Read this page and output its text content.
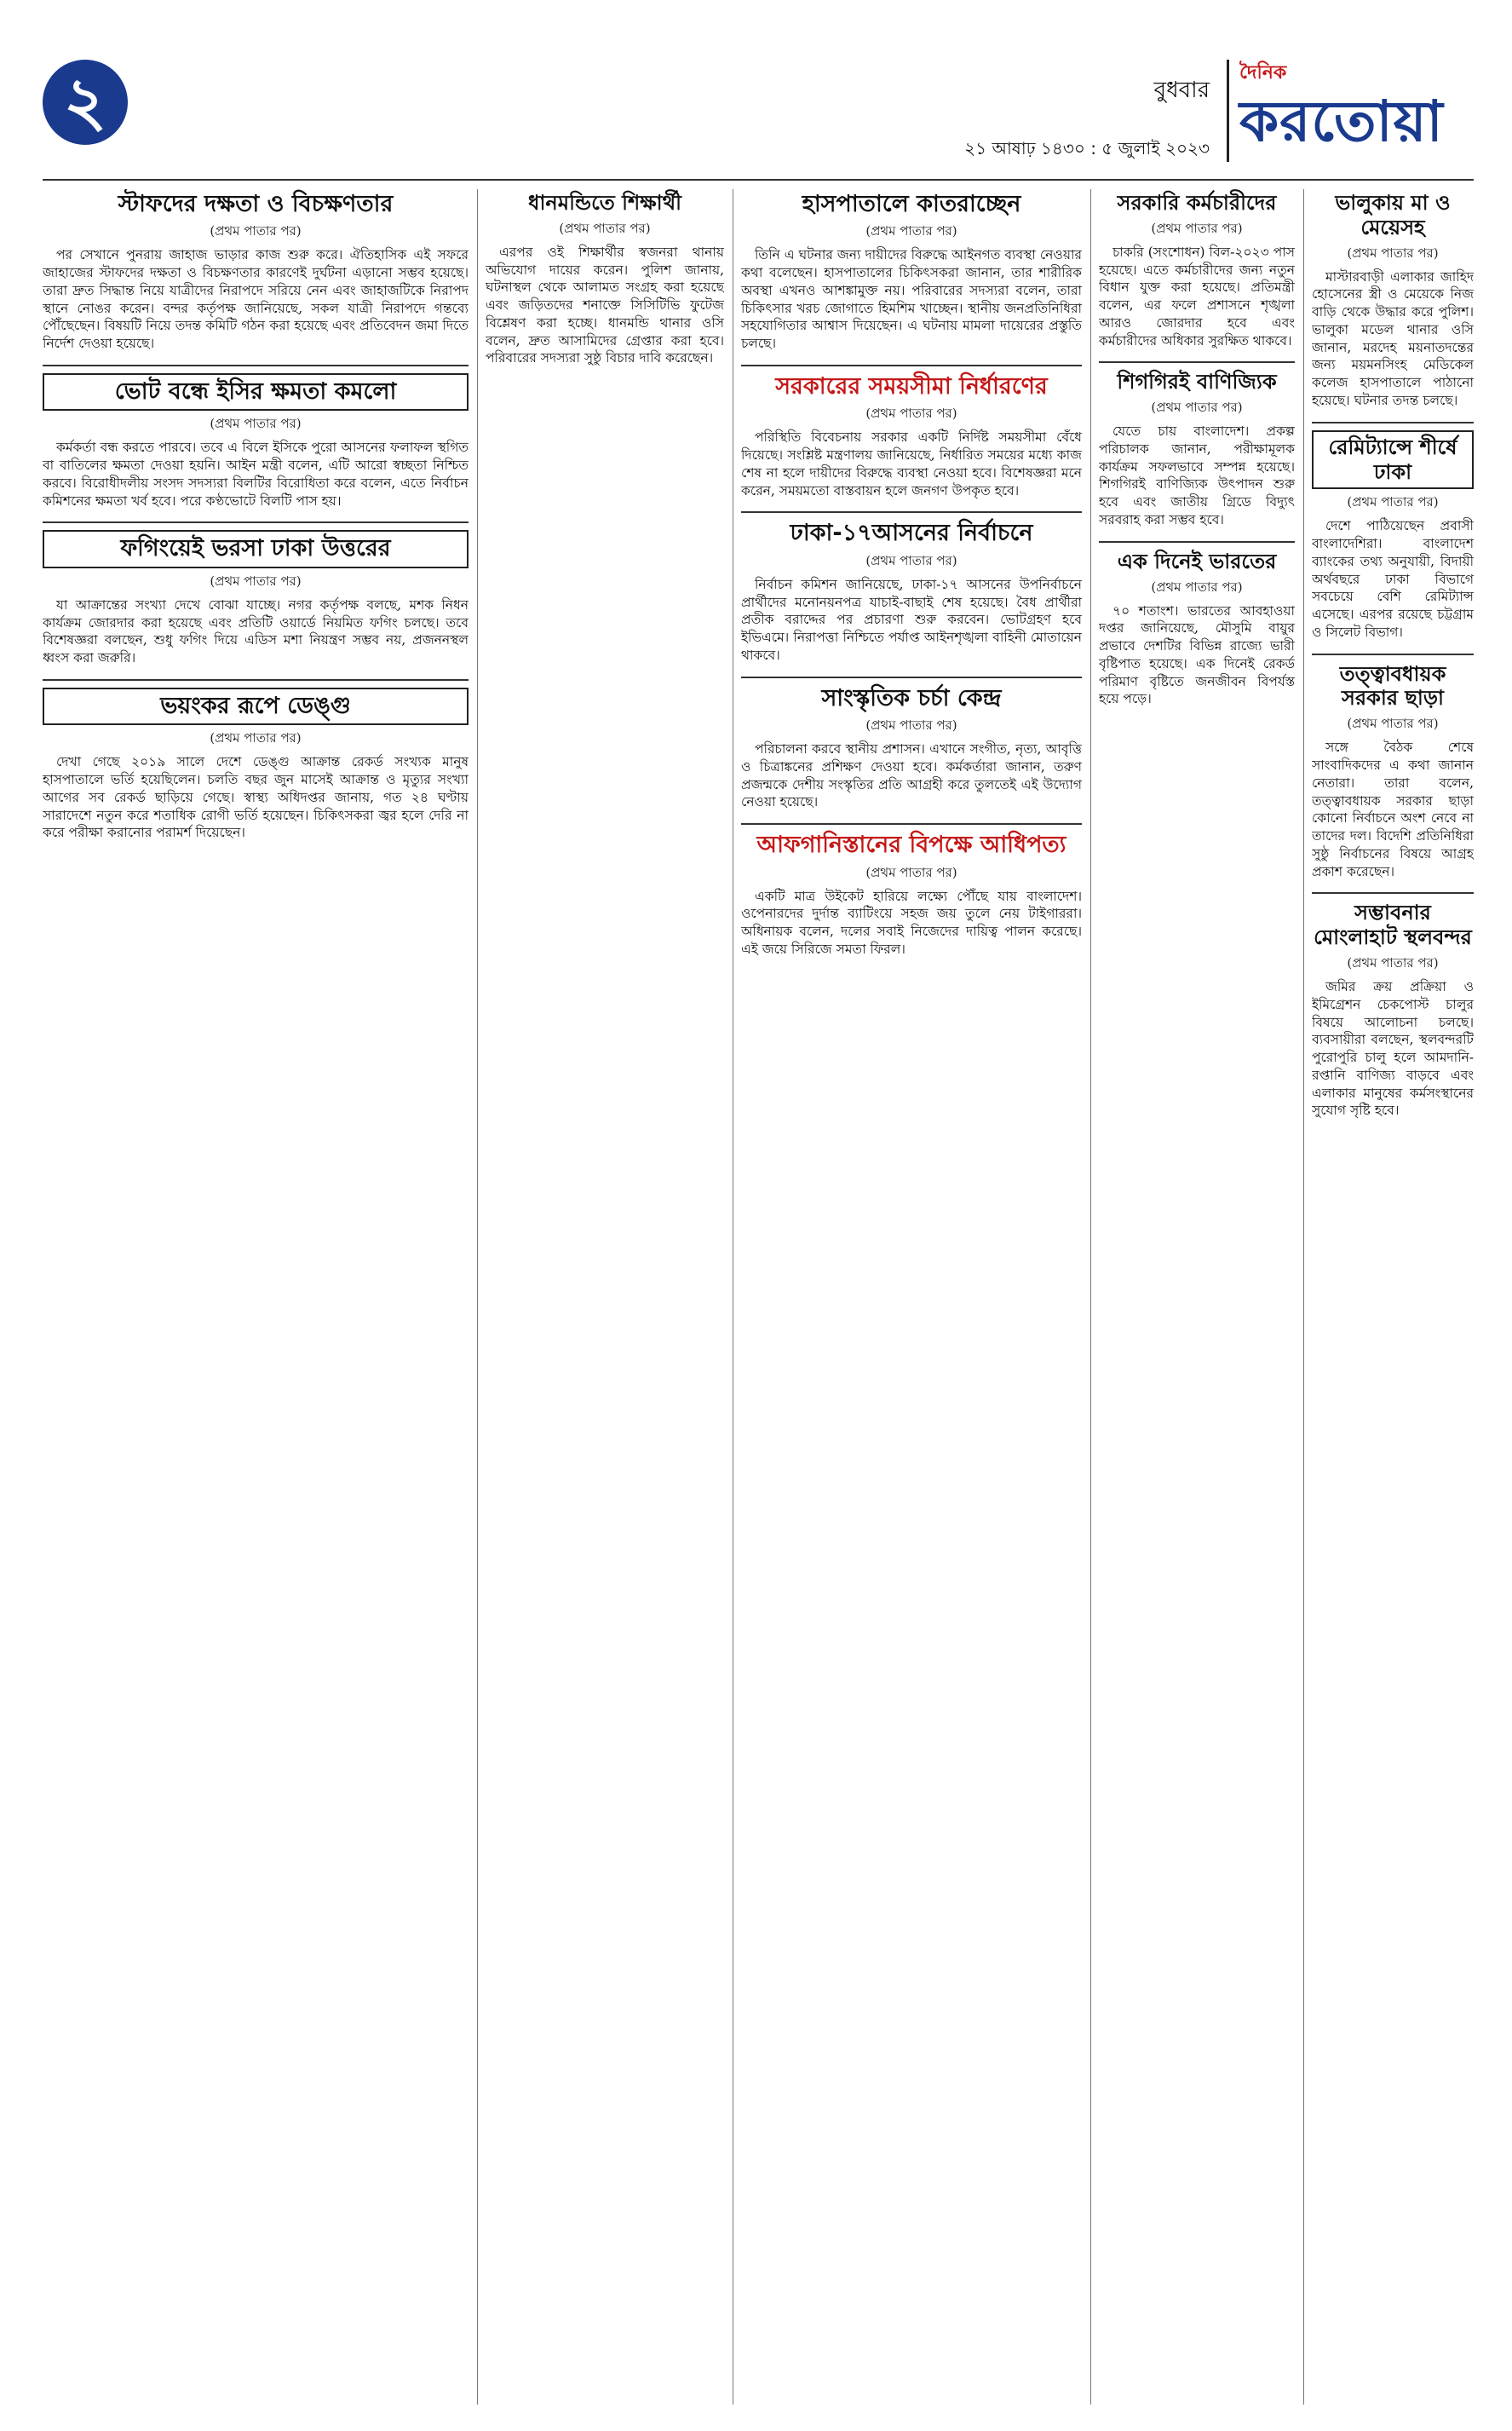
২	বুধবার
দৈনিক
করতোয়া
২১ আষাঢ় ১৪৩০ : ৫ জুলাই ২০২৩
স্টাফদের দক্ষতা ও বিচক্ষণতার
(প্রথম পাতার পর)

পর সেখানে পুনরায় জাহাজ ভাড়ার কাজ শুরু করে। ঐতিহাসিক এই সফরে জাহাজের স্টাফদের দক্ষতা ও বিচক্ষণতার কারণেই দুর্ঘটনা এড়ানো সম্ভব হয়েছে। তারা দ্রুত সিদ্ধান্ত নিয়ে যাত্রীদের নিরাপদে সরিয়ে নেন এবং জাহাজটিকে নিরাপদ স্থানে নোঙর করেন। বন্দর কর্তৃপক্ষ জানিয়েছে, সকল যাত্রী নিরাপদে গন্তব্যে পৌঁছেছেন। বিষয়টি নিয়ে তদন্ত কমিটি গঠন করা হয়েছে এবং প্রতিবেদন জমা দিতে নির্দেশ দেওয়া হয়েছে।

ভোট বন্ধে ইসির ক্ষমতা কমলো
(প্রথম পাতার পর)

কর্মকর্তা বন্ধ করতে পারবে। তবে এ বিলে ইসিকে পুরো আসনের ফলাফল স্থগিত বা বাতিলের ক্ষমতা দেওয়া হয়নি। আইন মন্ত্রী বলেন, এটি আরো স্বচ্ছতা নিশ্চিত করবে। বিরোধীদলীয় সংসদ সদস্যরা বিলটির বিরোধিতা করে বলেন, এতে নির্বাচন কমিশনের ক্ষমতা খর্ব হবে। পরে কণ্ঠভোটে বিলটি পাস হয়।

ফগিংয়েই ভরসা ঢাকা উত্তরের
(প্রথম পাতার পর)

যা আক্রান্তের সংখ্যা দেখে বোঝা যাচ্ছে। নগর কর্তৃপক্ষ বলছে, মশক নিধন কার্যক্রম জোরদার করা হয়েছে এবং প্রতিটি ওয়ার্ডে নিয়মিত ফগিং চলছে। তবে বিশেষজ্ঞরা বলছেন, শুধু ফগিং দিয়ে এডিস মশা নিয়ন্ত্রণ সম্ভব নয়, প্রজননস্থল ধ্বংস করা জরুরি।

ভয়ংকর রূপে ডেঙ্গু
(প্রথম পাতার পর)

দেখা গেছে ২০১৯ সালে দেশে ডেঙ্গু আক্রান্ত রেকর্ড সংখ্যক মানুষ হাসপাতালে ভর্তি হয়েছিলেন। চলতি বছর জুন মাসেই আক্রান্ত ও মৃত্যুর সংখ্যা আগের সব রেকর্ড ছাড়িয়ে গেছে। স্বাস্থ্য অধিদপ্তর জানায়, গত ২৪ ঘণ্টায় সারাদেশে নতুন করে শতাধিক রোগী ভর্তি হয়েছেন। চিকিৎসকরা জ্বর হলে দেরি না করে পরীক্ষা করানোর পরামর্শ দিয়েছেন।

ধানমন্ডিতে শিক্ষার্থী
(প্রথম পাতার পর)

এরপর ওই শিক্ষার্থীর স্বজনরা থানায় অভিযোগ দায়ের করেন। পুলিশ জানায়, ঘটনাস্থল থেকে আলামত সংগ্রহ করা হয়েছে এবং জড়িতদের শনাক্তে সিসিটিভি ফুটেজ বিশ্লেষণ করা হচ্ছে। ধানমন্ডি থানার ওসি বলেন, দ্রুত আসামিদের গ্রেপ্তার করা হবে। পরিবারের সদস্যরা সুষ্ঠু বিচার দাবি করেছেন।

হাসপাতালে কাতরাচ্ছেন
(প্রথম পাতার পর)

তিনি এ ঘটনার জন্য দায়ীদের বিরুদ্ধে আইনগত ব্যবস্থা নেওয়ার কথা বলেছেন। হাসপাতালের চিকিৎসকরা জানান, তার শারীরিক অবস্থা এখনও আশঙ্কামুক্ত নয়। পরিবারের সদস্যরা বলেন, তারা চিকিৎসার খরচ জোগাতে হিমশিম খাচ্ছেন। স্থানীয় জনপ্রতিনিধিরা সহযোগিতার আশ্বাস দিয়েছেন। এ ঘটনায় মামলা দায়েরের প্রস্তুতি চলছে।

সরকারের সময়সীমা নির্ধারণের
(প্রথম পাতার পর)

পরিস্থিতি বিবেচনায় সরকার একটি নির্দিষ্ট সময়সীমা বেঁধে দিয়েছে। সংশ্লিষ্ট মন্ত্রণালয় জানিয়েছে, নির্ধারিত সময়ের মধ্যে কাজ শেষ না হলে দায়ীদের বিরুদ্ধে ব্যবস্থা নেওয়া হবে। বিশেষজ্ঞরা মনে করেন, সময়মতো বাস্তবায়ন হলে জনগণ উপকৃত হবে।

ঢাকা-১৭আসনের নির্বাচনে
(প্রথম পাতার পর)

নির্বাচন কমিশন জানিয়েছে, ঢাকা-১৭ আসনের উপনির্বাচনে প্রার্থীদের মনোনয়নপত্র যাচাই-বাছাই শেষ হয়েছে। বৈধ প্রার্থীরা প্রতীক বরাদ্দের পর প্রচারণা শুরু করবেন। ভোটগ্রহণ হবে ইভিএমে। নিরাপত্তা নিশ্চিতে পর্যাপ্ত আইনশৃঙ্খলা বাহিনী মোতায়েন থাকবে।

সাংস্কৃতিক চর্চা কেন্দ্র
(প্রথম পাতার পর)

পরিচালনা করবে স্থানীয় প্রশাসন। এখানে সংগীত, নৃত্য, আবৃত্তি ও চিত্রাঙ্কনের প্রশিক্ষণ দেওয়া হবে। কর্মকর্তারা জানান, তরুণ প্রজন্মকে দেশীয় সংস্কৃতির প্রতি আগ্রহী করে তুলতেই এই উদ্যোগ নেওয়া হয়েছে।

আফগানিস্তানের বিপক্ষে আধিপত্য
(প্রথম পাতার পর)

একটি মাত্র উইকেট হারিয়ে লক্ষ্যে পৌঁছে যায় বাংলাদেশ। ওপেনারদের দুর্দান্ত ব্যাটিংয়ে সহজ জয় তুলে নেয় টাইগাররা। অধিনায়ক বলেন, দলের সবাই নিজেদের দায়িত্ব পালন করেছে। এই জয়ে সিরিজে সমতা ফিরল।

সরকারি কর্মচারীদের
(প্রথম পাতার পর)

চাকরি (সংশোধন) বিল-২০২৩ পাস হয়েছে। এতে কর্মচারীদের জন্য নতুন বিধান যুক্ত করা হয়েছে। প্রতিমন্ত্রী বলেন, এর ফলে প্রশাসনে শৃঙ্খলা আরও জোরদার হবে এবং কর্মচারীদের অধিকার সুরক্ষিত থাকবে।

শিগগিরই বাণিজ্যিক
(প্রথম পাতার পর)

যেতে চায় বাংলাদেশ। প্রকল্প পরিচালক জানান, পরীক্ষামূলক কার্যক্রম সফলভাবে সম্পন্ন হয়েছে। শিগগিরই বাণিজ্যিক উৎপাদন শুরু হবে এবং জাতীয় গ্রিডে বিদ্যুৎ সরবরাহ করা সম্ভব হবে।

এক দিনেই ভারতের
(প্রথম পাতার পর)

৭০ শতাংশ। ভারতের আবহাওয়া দপ্তর জানিয়েছে, মৌসুমি বায়ুর প্রভাবে দেশটির বিভিন্ন রাজ্যে ভারী বৃষ্টিপাত হয়েছে। এক দিনেই রেকর্ড পরিমাণ বৃষ্টিতে জনজীবন বিপর্যস্ত হয়ে পড়ে।

ভালুকায় মা ও মেয়েসহ
(প্রথম পাতার পর)

মাস্টারবাড়ী এলাকার জাহিদ হোসেনের স্ত্রী ও মেয়েকে নিজ বাড়ি থেকে উদ্ধার করে পুলিশ। ভালুকা মডেল থানার ওসি জানান, মরদেহ ময়নাতদন্তের জন্য ময়মনসিংহ মেডিকেল কলেজ হাসপাতালে পাঠানো হয়েছে। ঘটনার তদন্ত চলছে।

রেমিট্যান্সে শীর্ষে ঢাকা
(প্রথম পাতার পর)

দেশে পাঠিয়েছেন প্রবাসী বাংলাদেশিরা। বাংলাদেশ ব্যাংকের তথ্য অনুযায়ী, বিদায়ী অর্থবছরে ঢাকা বিভাগে সবচেয়ে বেশি রেমিট্যান্স এসেছে। এরপর রয়েছে চট্টগ্রাম ও সিলেট বিভাগ।

তত্ত্বাবধায়ক সরকার ছাড়া
(প্রথম পাতার পর)

সঙ্গে বৈঠক শেষে সাংবাদিকদের এ কথা জানান নেতারা। তারা বলেন, তত্ত্বাবধায়ক সরকার ছাড়া কোনো নির্বাচনে অংশ নেবে না তাদের দল। বিদেশি প্রতিনিধিরা সুষ্ঠু নির্বাচনের বিষয়ে আগ্রহ প্রকাশ করেছেন।

সম্ভাবনার মোংলাহাট স্থলবন্দর
(প্রথম পাতার পর)

জমির ক্রয় প্রক্রিয়া ও ইমিগ্রেশন চেকপোস্ট চালুর বিষয়ে আলোচনা চলছে। ব্যবসায়ীরা বলছেন, স্থলবন্দরটি পুরোপুরি চালু হলে আমদানি-রপ্তানি বাণিজ্য বাড়বে এবং এলাকার মানুষের কর্মসংস্থানের সুযোগ সৃষ্টি হবে।
